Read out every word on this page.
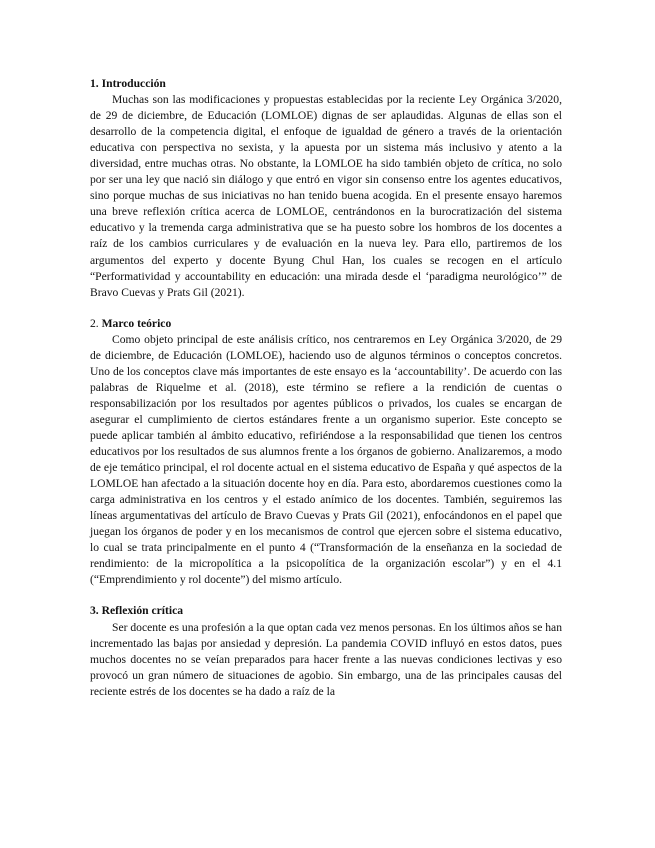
1. Introducción

Muchas son las modificaciones y propuestas establecidas por la reciente Ley Orgánica 3/2020, de 29 de diciembre, de Educación (LOMLOE) dignas de ser aplaudidas. Algunas de ellas son el desarrollo de la competencia digital, el enfoque de igualdad de género a través de la orientación educativa con perspectiva no sexista, y la apuesta por un sistema más inclusivo y atento a la diversidad, entre muchas otras. No obstante, la LOMLOE ha sido también objeto de crítica, no solo por ser una ley que nació sin diálogo y que entró en vigor sin consenso entre los agentes educativos, sino porque muchas de sus iniciativas no han tenido buena acogida. En el presente ensayo haremos una breve reflexión crítica acerca de LOMLOE, centrándonos en la burocratización del sistema educativo y la tremenda carga administrativa que se ha puesto sobre los hombros de los docentes a raíz de los cambios curriculares y de evaluación en la nueva ley. Para ello, partiremos de los argumentos del experto y docente Byung Chul Han, los cuales se recogen en el artículo “Performatividad y accountability en educación: una mirada desde el ‘paradigma neurológico’” de Bravo Cuevas y Prats Gil (2021).

2. Marco teórico

Como objeto principal de este análisis crítico, nos centraremos en Ley Orgánica 3/2020, de 29 de diciembre, de Educación (LOMLOE), haciendo uso de algunos términos o conceptos concretos. Uno de los conceptos clave más importantes de este ensayo es la ‘accountability’. De acuerdo con las palabras de Riquelme et al. (2018), este término se refiere a la rendición de cuentas o responsabilización por los resultados por agentes públicos o privados, los cuales se encargan de asegurar el cumplimiento de ciertos estándares frente a un organismo superior. Este concepto se puede aplicar también al ámbito educativo, refiriéndose a la responsabilidad que tienen los centros educativos por los resultados de sus alumnos frente a los órganos de gobierno. Analizaremos, a modo de eje temático principal, el rol docente actual en el sistema educativo de España y qué aspectos de la LOMLOE han afectado a la situación docente hoy en día. Para esto, abordaremos cuestiones como la carga administrativa en los centros y el estado anímico de los docentes. También, seguiremos las líneas argumentativas del artículo de Bravo Cuevas y Prats Gil (2021), enfocándonos en el papel que juegan los órganos de poder y en los mecanismos de control que ejercen sobre el sistema educativo, lo cual se trata principalmente en el punto 4 (“Transformación de la enseñanza en la sociedad de rendimiento: de la micropolítica a la psicopolítica de la organización escolar”) y en el 4.1 (“Emprendimiento y rol docente”) del mismo artículo.

3. Reflexión crítica

Ser docente es una profesión a la que optan cada vez menos personas. En los últimos años se han incrementado las bajas por ansiedad y depresión. La pandemia COVID influyó en estos datos, pues muchos docentes no se veían preparados para hacer frente a las nuevas condiciones lectivas y eso provocó un gran número de situaciones de agobio. Sin embargo, una de las principales causas del reciente estrés de los docentes se ha dado a raíz de la
